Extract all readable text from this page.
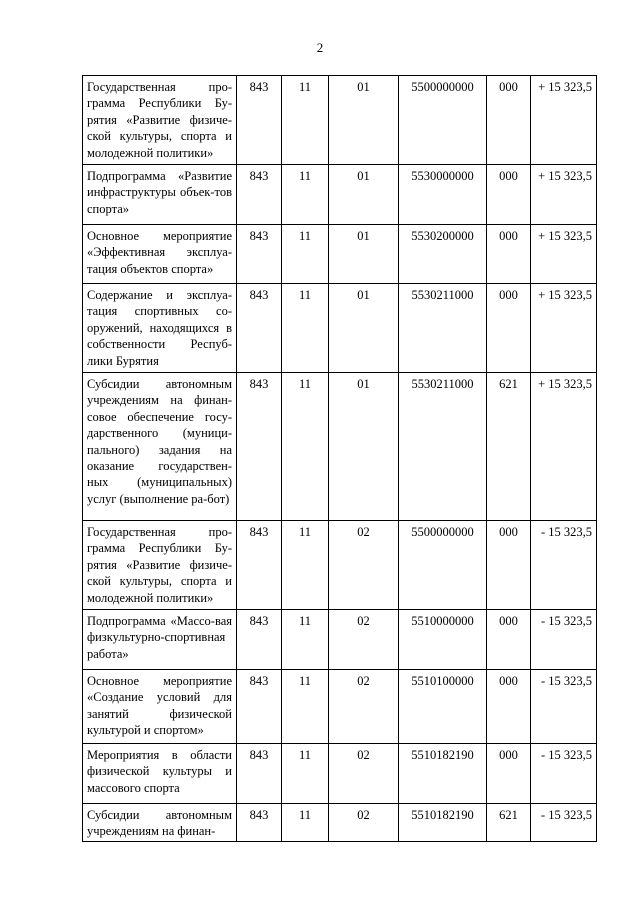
2
Государственная про-грамма Республики Бу-рятия «Развитие физиче-ской культуры, спорта и молодежной политики»	843	11	01	5500000000	000	+ 15 323,5
Подпрограмма «Развитие инфраструктуры объек-тов спорта»	843	11	01	5530000000	000	+ 15 323,5
Основное мероприятие «Эффективная эксплуа-тация объектов спорта»	843	11	01	5530200000	000	+ 15 323,5
Содержание и эксплуа-тация спортивных со-оружений, находящихся в собственности Респуб-лики Бурятия	843	11	01	5530211000	000	+ 15 323,5
Субсидии автономным учреждениям на финан-совое обеспечение госу-дарственного (муници-пального) задания на оказание государствен-ных (муниципальных) услуг (выполнение ра-бот)	843	11	01	5530211000	621	+ 15 323,5
Государственная про-грамма Республики Бу-рятия «Развитие физиче-ской культуры, спорта и молодежной политики»	843	11	02	5500000000	000	- 15 323,5
Подпрограмма «Массо-вая физкультурно-спортивная работа»	843	11	02	5510000000	000	- 15 323,5
Основное мероприятие «Создание условий для занятий физической культурой и спортом»	843	11	02	5510100000	000	- 15 323,5
Мероприятия в области физической культуры и массового спорта	843	11	02	5510182190	000	- 15 323,5
Субсидии автономным учреждениям на финан-	843	11	02	5510182190	621	- 15 323,5
